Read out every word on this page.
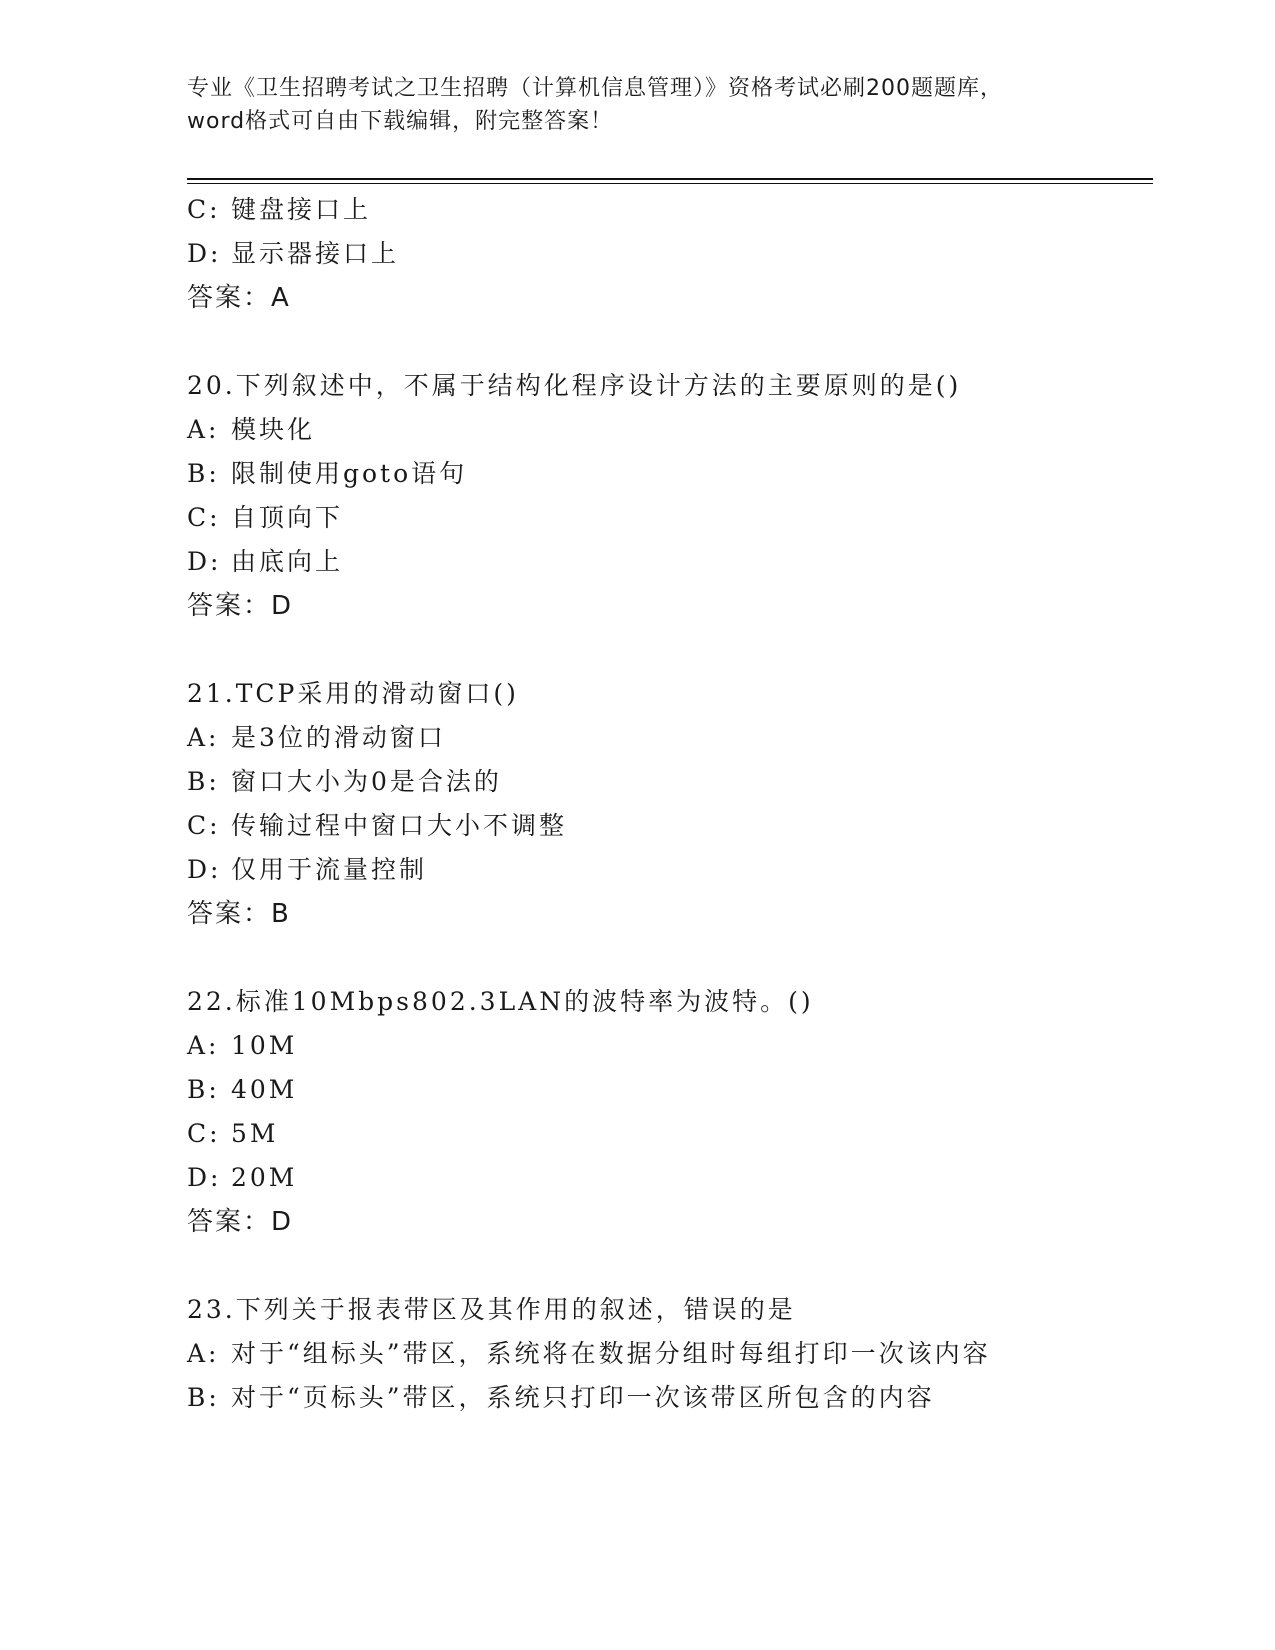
专业《卫生招聘考试之卫生招聘（计算机信息管理）》资格考试必刷200题题库，
word格式可自由下载编辑，附完整答案！
C: 键盘接口上
D: 显示器接口上
答案：A
20.下列叙述中，不属于结构化程序设计方法的主要原则的是()
A: 模块化
B: 限制使用goto语句
C: 自顶向下
D: 由底向上
答案：D
21.TCP采用的滑动窗口()
A: 是3位的滑动窗口
B: 窗口大小为0是合法的
C: 传输过程中窗口大小不调整
D: 仅用于流量控制
答案：B
22.标准10Mbps802.3LAN的波特率为波特。()
A: 10M
B: 40M
C: 5M
D: 20M
答案：D
23.下列关于报表带区及其作用的叙述，错误的是
A: 对于“组标头”带区，系统将在数据分组时每组打印一次该内容
B: 对于“页标头”带区，系统只打印一次该带区所包含的内容
